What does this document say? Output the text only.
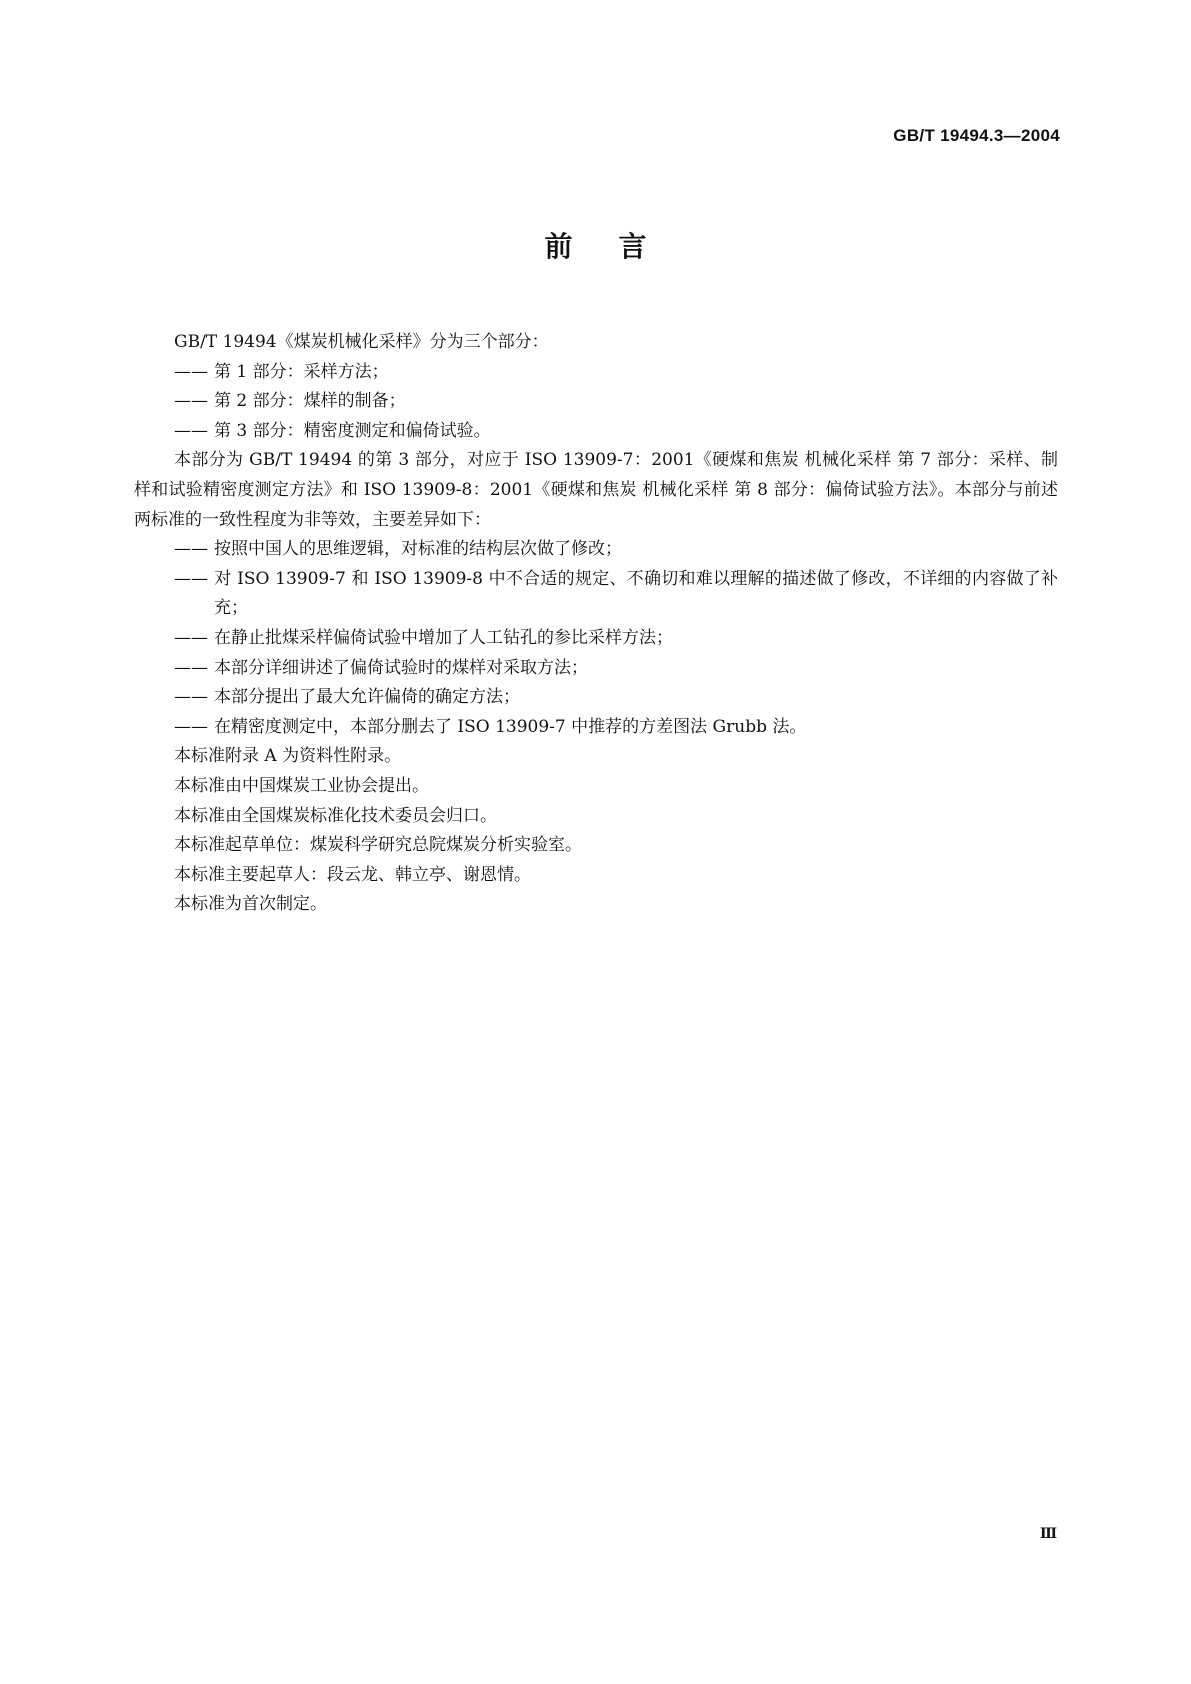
GB/T 19494.3—2004
前言

GB/T 19494《煤炭机械化采样》分为三个部分：

—— 第 1 部分：采样方法；

—— 第 2 部分：煤样的制备；

—— 第 3 部分：精密度测定和偏倚试验。

本部分为 GB/T 19494 的第 3 部分，对应于 ISO 13909-7：2001《硬煤和焦炭 机械化采样 第 7 部分：采样、制样和试验精密度测定方法》和 ISO 13909-8：2001《硬煤和焦炭 机械化采样 第 8 部分：偏倚试验方法》。本部分与前述两标准的一致性程度为非等效，主要差异如下：

—— 按照中国人的思维逻辑，对标准的结构层次做了修改；

—— 对 ISO 13909-7 和 ISO 13909-8 中不合适的规定、不确切和难以理解的描述做了修改，不详细的内容做了补充；

—— 在静止批煤采样偏倚试验中增加了人工钻孔的参比采样方法；

—— 本部分详细讲述了偏倚试验时的煤样对采取方法；

—— 本部分提出了最大允许偏倚的确定方法；

—— 在精密度测定中，本部分删去了 ISO 13909-7 中推荐的方差图法 Grubb 法。

本标准附录 A 为资料性附录。

本标准由中国煤炭工业协会提出。

本标准由全国煤炭标准化技术委员会归口。

本标准起草单位：煤炭科学研究总院煤炭分析实验室。

本标准主要起草人：段云龙、韩立亭、谢恩情。

本标准为首次制定。

Ⅲ
